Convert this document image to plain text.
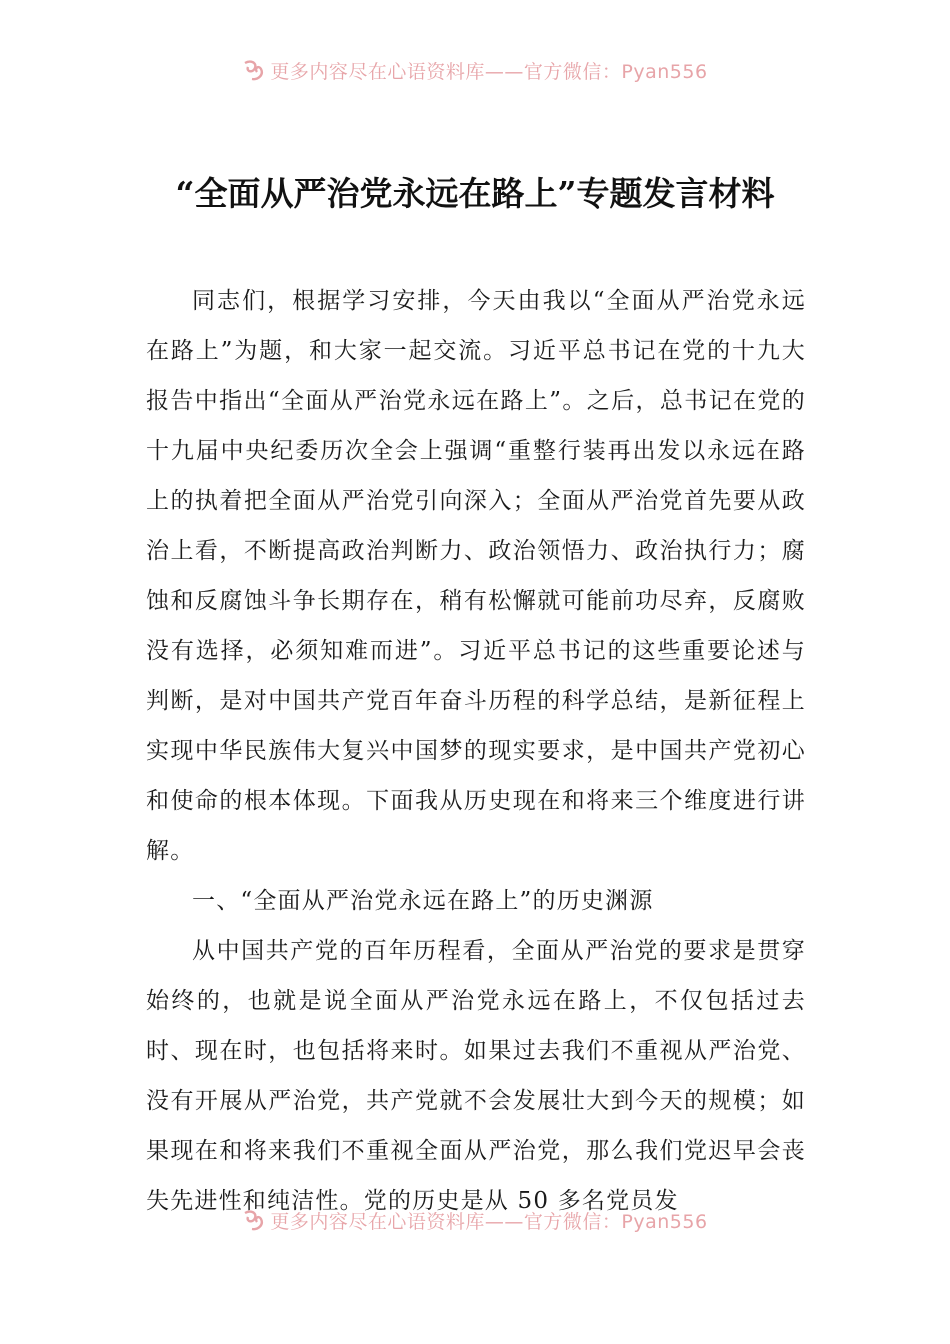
更多内容尽在心语资料库——官方微信：Pyan556
“全面从严治党永远在路上”专题发言材料

同志们，根据学习安排，今天由我以“全面从严治党永远在路上”为题，和大家一起交流。习近平总书记在党的十九大报告中指出“全面从严治党永远在路上”。之后，总书记在党的十九届中央纪委历次全会上强调“重整行装再出发以永远在路上的执着把全面从严治党引向深入；全面从严治党首先要从政治上看，不断提高政治判断力、政治领悟力、政治执行力；腐蚀和反腐蚀斗争长期存在，稍有松懈就可能前功尽弃，反腐败没有选择，必须知难而进”。习近平总书记的这些重要论述与判断，是对中国共产党百年奋斗历程的科学总结，是新征程上实现中华民族伟大复兴中国梦的现实要求，是中国共产党初心和使命的根本体现。下面我从历史现在和将来三个维度进行讲解。

一、“全面从严治党永远在路上”的历史渊源

从中国共产党的百年历程看，全面从严治党的要求是贯穿始终的，也就是说全面从严治党永远在路上，不仅包括过去时、现在时，也包括将来时。如果过去我们不重视从严治党、没有开展从严治党，共产党就不会发展壮大到今天的规模；如果现在和将来我们不重视全面从严治党，那么我们党迟早会丧失先进性和纯洁性。党的历史是从 50 多名党员发

更多内容尽在心语资料库——官方微信：Pyan556
